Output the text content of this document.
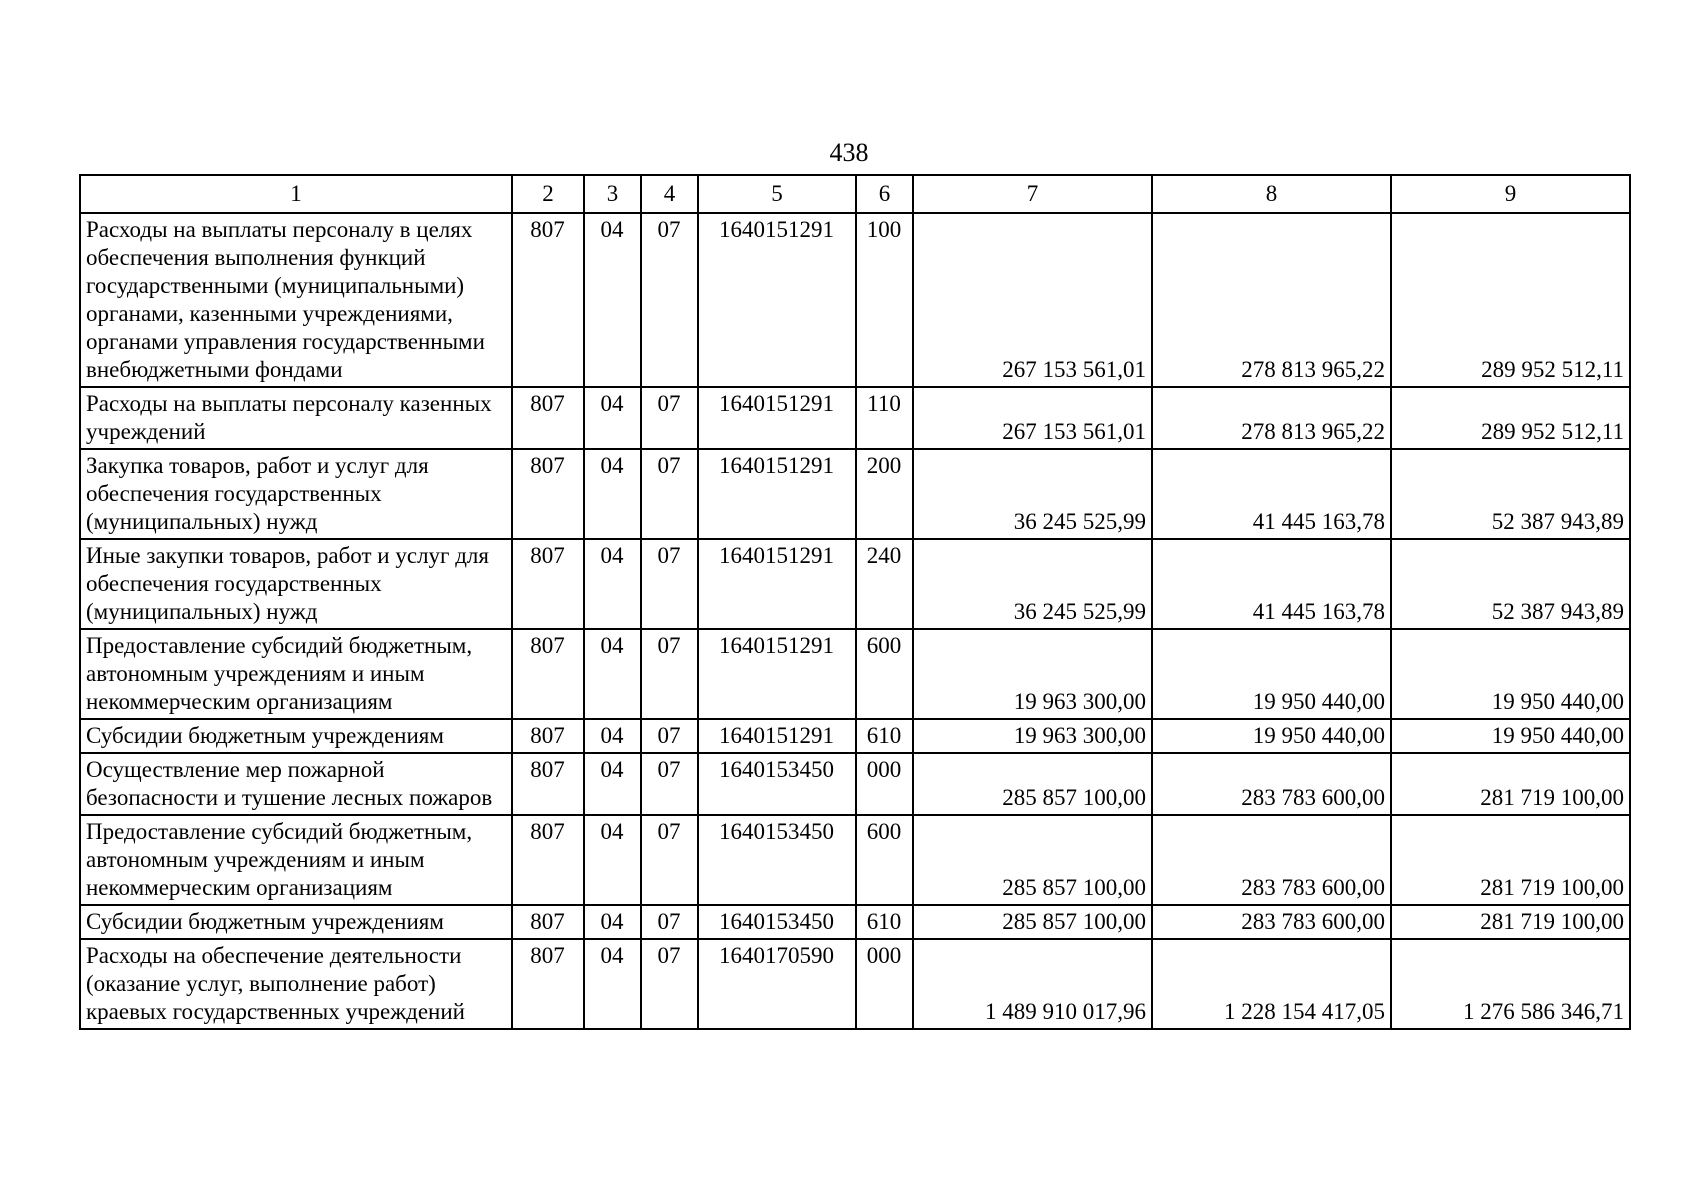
438
1	2	3	4	5	6	7	8	9
Расходы на выплаты персоналу в целях обеспечения выполнения функций государственными (муниципальными) органами, казенными учреждениями, органами управления государственными внебюджетными фондами	807	04	07	1640151291	100	267 153 561,01	278 813 965,22	289 952 512,11
Расходы на выплаты персоналу казенных учреждений	807	04	07	1640151291	110	267 153 561,01	278 813 965,22	289 952 512,11
Закупка товаров, работ и услуг для обеспечения государственных (муниципальных) нужд	807	04	07	1640151291	200	36 245 525,99	41 445 163,78	52 387 943,89
Иные закупки товаров, работ и услуг для обеспечения государственных (муниципальных) нужд	807	04	07	1640151291	240	36 245 525,99	41 445 163,78	52 387 943,89
Предоставление субсидий бюджетным, автономным учреждениям и иным некоммерческим организациям	807	04	07	1640151291	600	19 963 300,00	19 950 440,00	19 950 440,00
Субсидии бюджетным учреждениям	807	04	07	1640151291	610	19 963 300,00	19 950 440,00	19 950 440,00
Осуществление мер пожарной безопасности и тушение лесных пожаров	807	04	07	1640153450	000	285 857 100,00	283 783 600,00	281 719 100,00
Предоставление субсидий бюджетным, автономным учреждениям и иным некоммерческим организациям	807	04	07	1640153450	600	285 857 100,00	283 783 600,00	281 719 100,00
Субсидии бюджетным учреждениям	807	04	07	1640153450	610	285 857 100,00	283 783 600,00	281 719 100,00
Расходы на обеспечение деятельности (оказание услуг, выполнение работ) краевых государственных учреждений	807	04	07	1640170590	000	1 489 910 017,96	1 228 154 417,05	1 276 586 346,71
